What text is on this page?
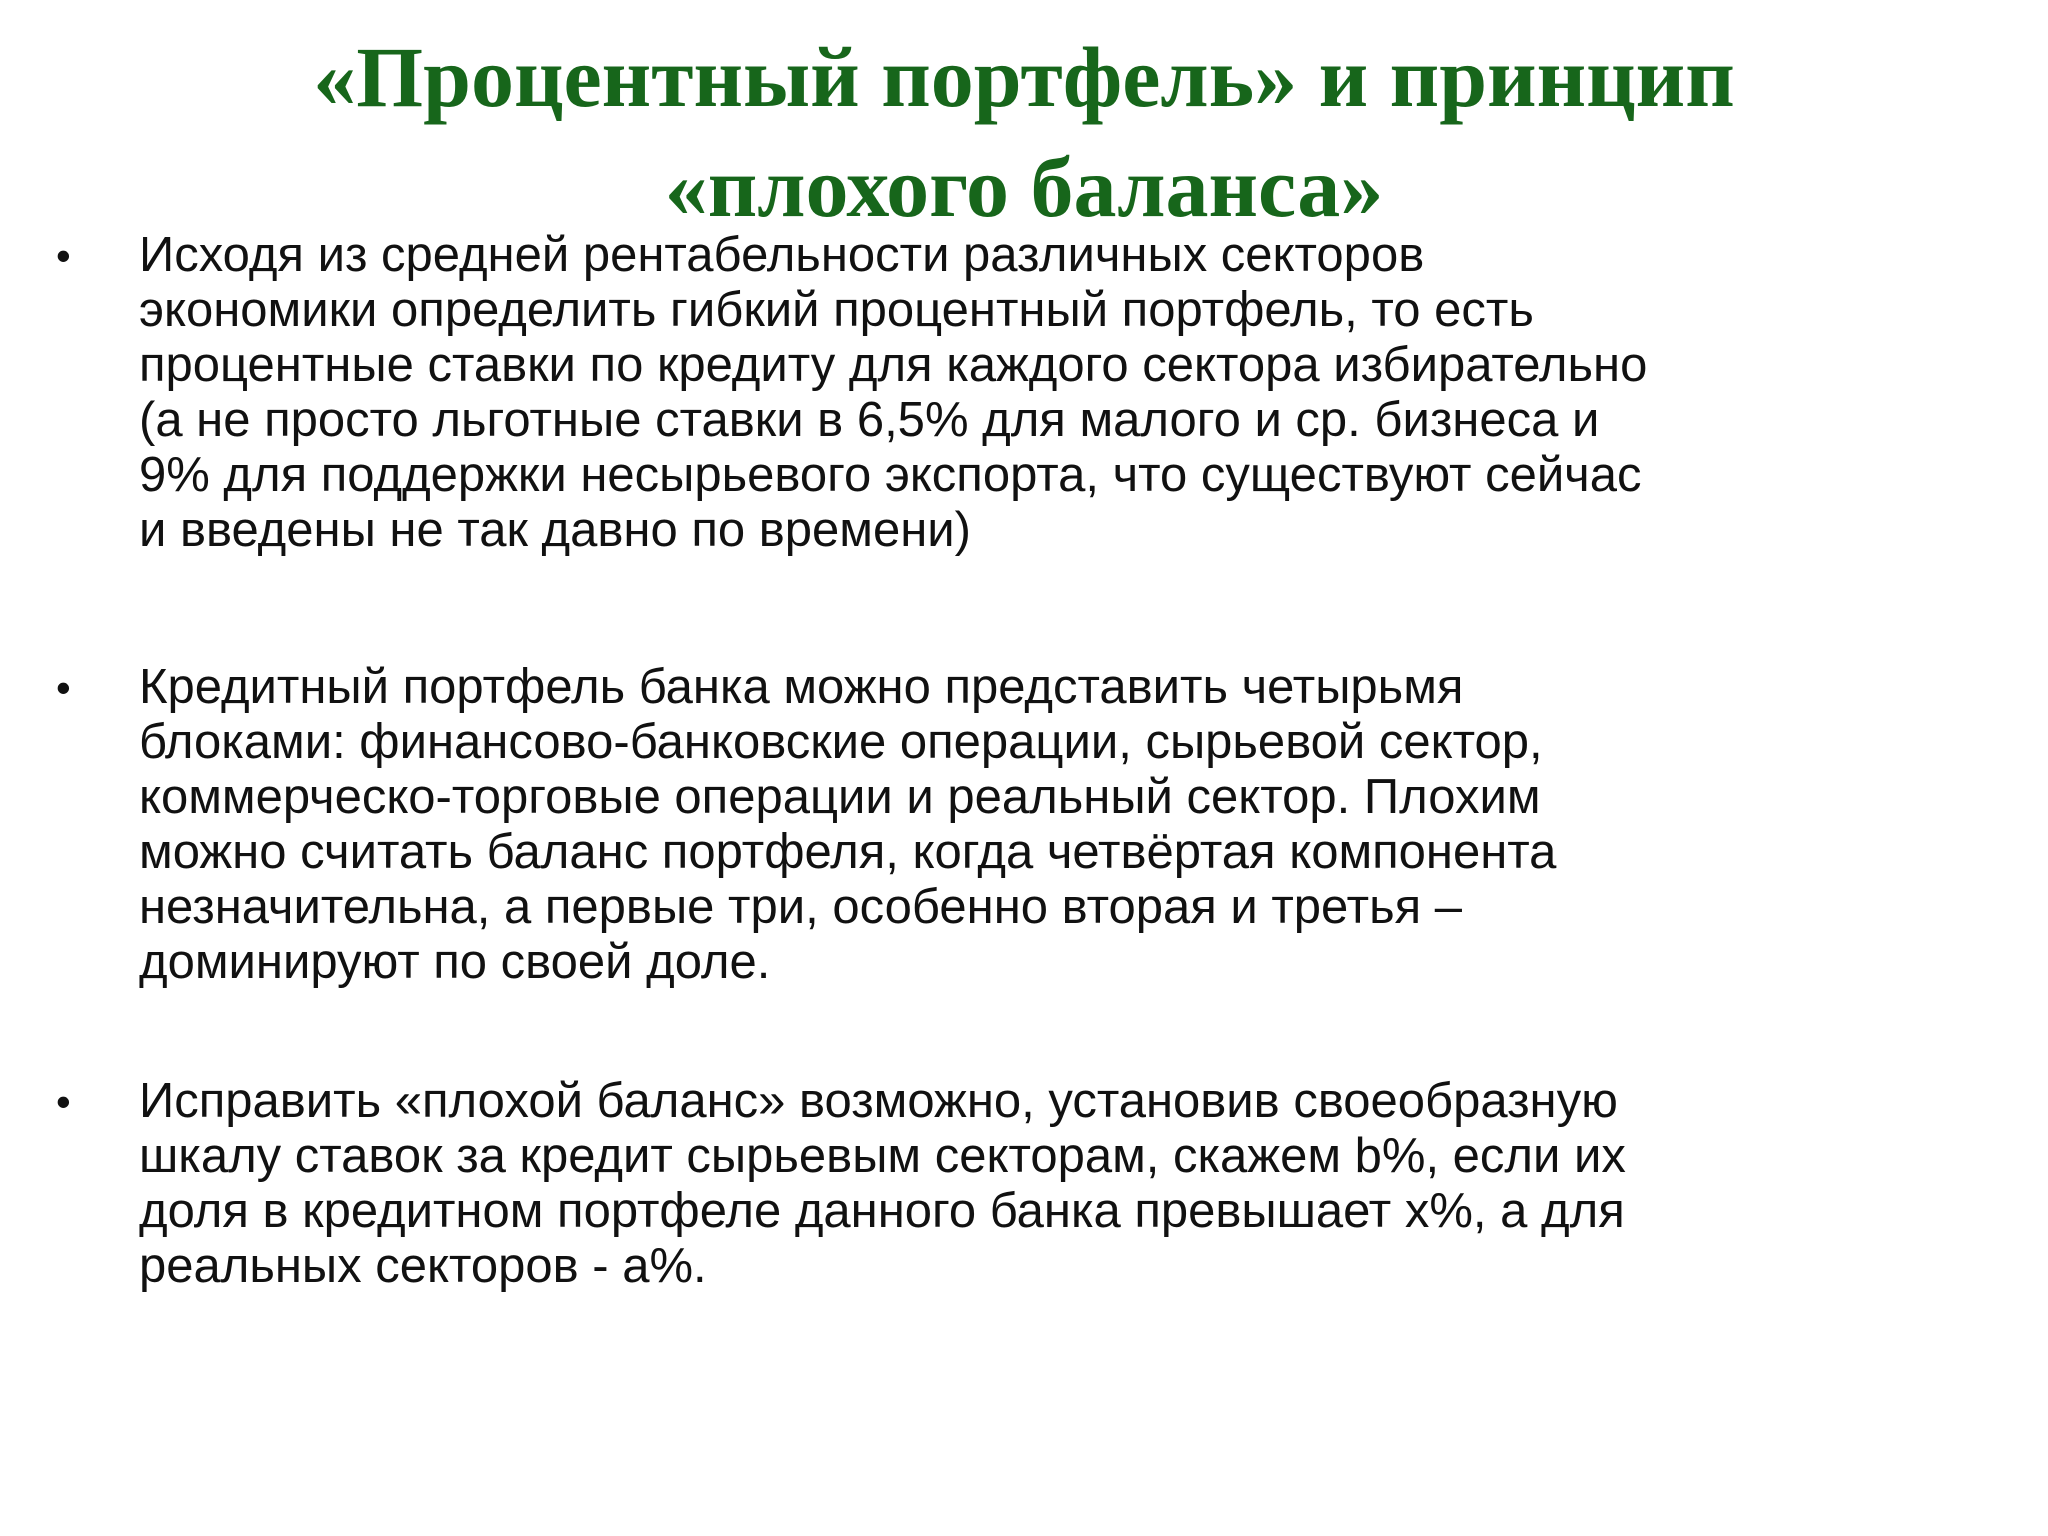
«Процентный портфель» и принцип
«плохого баланса»
•	Исходя из средней рентабельности различных секторов
экономики определить гибкий процентный портфель, то есть
процентные ставки по кредиту для каждого сектора избирательно
(а не просто льготные ставки в 6,5% для малого и ср. бизнеса и
9% для поддержки несырьевого экспорта, что существуют сейчас
и введены не так давно по времени)

•	Кредитный портфель банка можно представить четырьмя
блоками: финансово-банковские операции, сырьевой сектор,
коммерческо-торговые операции и реальный сектор. Плохим
можно считать баланс портфеля, когда четвёртая компонента
незначительна, а первые три, особенно вторая и третья –
доминируют по своей доле.

•	Исправить «плохой баланс» возможно, установив своеобразную
шкалу ставок за кредит сырьевым секторам, скажем b%, если их
доля в кредитном портфеле данного банка превышает x%, а для
реальных секторов - a%.
